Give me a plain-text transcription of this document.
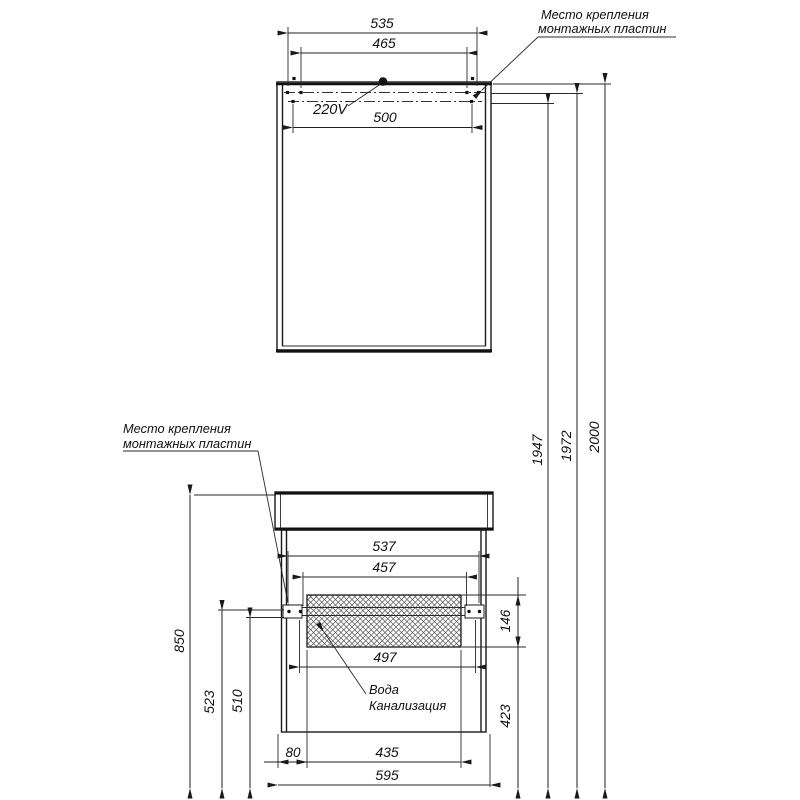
220V
535
465
500
Место крепления
монтажных пластин
1947 1972 2000
Место крепления
монтажных пластин
Вода
Канализация
537
457
146
423
497
850
523 510
80	435
595
